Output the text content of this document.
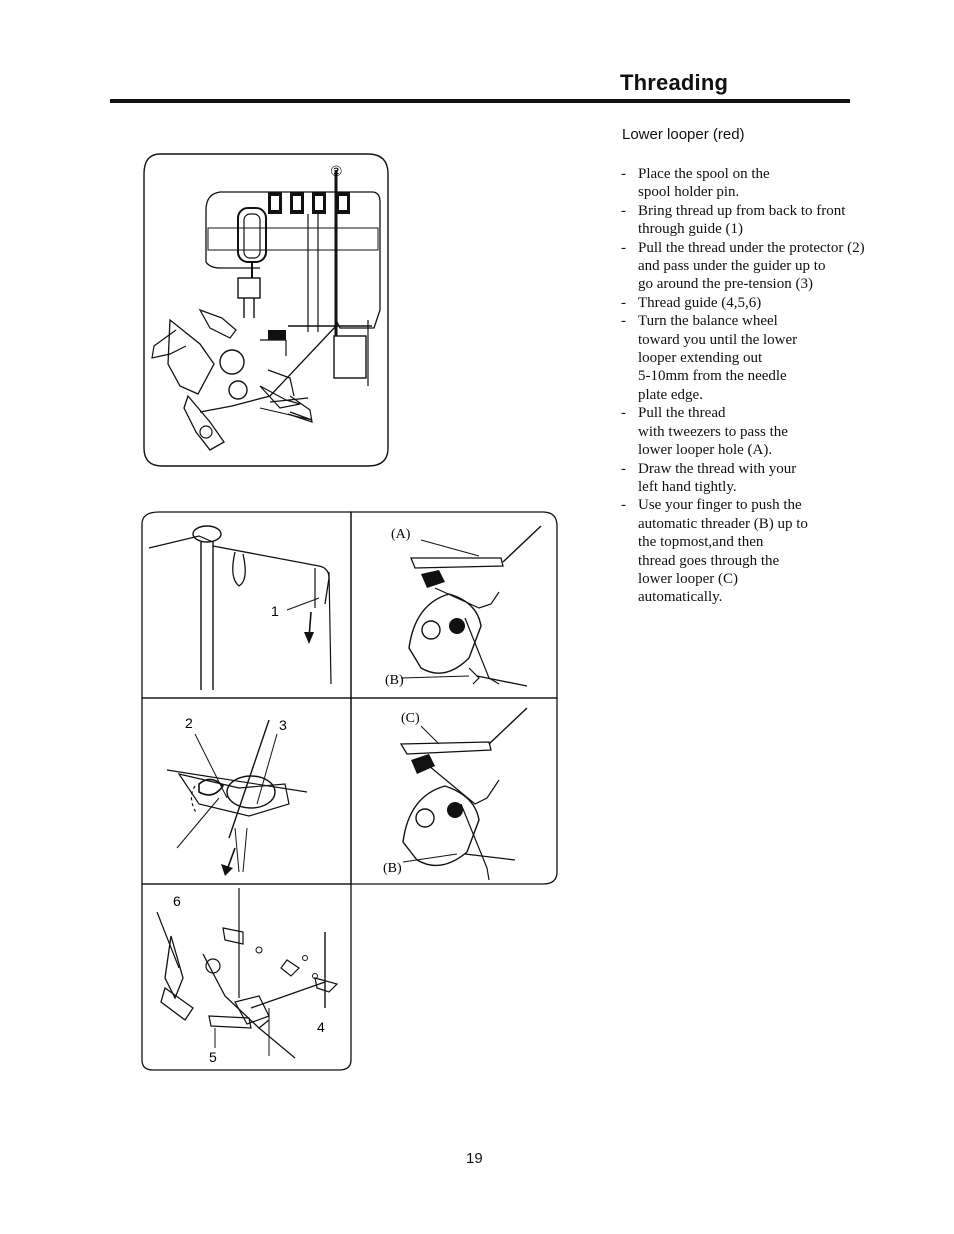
Threading
Lower looper (red)
- Place the spool on the
spool holder pin.
- Bring thread up from back to front
through guide (1)
- Pull the thread under the protector (2)
and pass under the guider up to
go around the pre-tension (3)
- Thread guide (4,5,6)
- Turn the balance wheel
toward you until the lower
looper extending out
5-10mm from the needle
plate edge.
- Pull the thread
with tweezers to pass the
lower looper hole (A).
- Draw the thread with your
left hand tightly.
- Use your finger to push the
automatic threader (B) up to
the topmost,and then
thread goes through the
lower looper (C)
automatically.
②
1
(A)
(B)
2	3	(C)
(B)
6
4
5
19
